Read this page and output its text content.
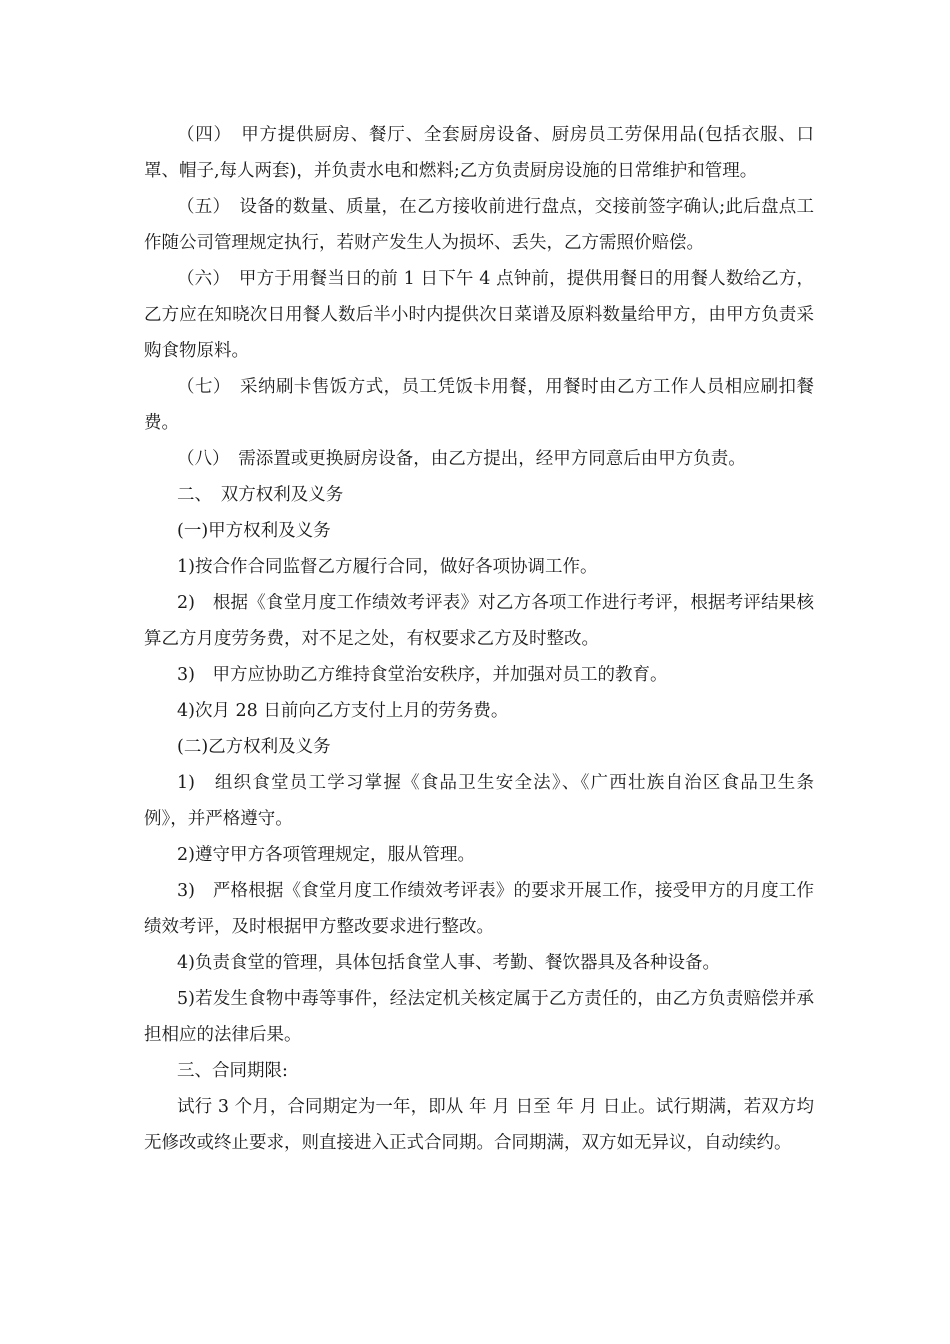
（四）　甲方提供厨房、餐厅、全套厨房设备、厨房员工劳保用品(包括衣服、口罩、帽子,每人两套)，并负责水电和燃料;乙方负责厨房设施的日常维护和管理。

（五）　设备的数量、质量，在乙方接收前进行盘点，交接前签字确认;此后盘点工作随公司管理规定执行，若财产发生人为损坏、丢失，乙方需照价赔偿。

（六）　甲方于用餐当日的前 1 日下午 4 点钟前，提供用餐日的用餐人数给乙方，乙方应在知晓次日用餐人数后半小时内提供次日菜谱及原料数量给甲方，由甲方负责采购食物原料。

（七）　采纳刷卡售饭方式，员工凭饭卡用餐，用餐时由乙方工作人员相应刷扣餐费。

（八）　需添置或更换厨房设备，由乙方提出，经甲方同意后由甲方负责。

二、　双方权利及义务

(一)甲方权利及义务

1)按合作合同监督乙方履行合同，做好各项协调工作。

2)　根据《食堂月度工作绩效考评表》对乙方各项工作进行考评，根据考评结果核算乙方月度劳务费，对不足之处，有权要求乙方及时整改。

3)　甲方应协助乙方维持食堂治安秩序，并加强对员工的教育。

4)次月 28 日前向乙方支付上月的劳务费。

(二)乙方权利及义务

1)　组织食堂员工学习掌握《食品卫生安全法》、《广西壮族自治区食品卫生条例》，并严格遵守。

2)遵守甲方各项管理规定，服从管理。

3)　严格根据《食堂月度工作绩效考评表》的要求开展工作，接受甲方的月度工作绩效考评，及时根据甲方整改要求进行整改。

4)负责食堂的管理，具体包括食堂人事、考勤、餐饮器具及各种设备。

5)若发生食物中毒等事件，经法定机关核定属于乙方责任的，由乙方负责赔偿并承担相应的法律后果。

三、合同期限:

试行 3 个月，合同期定为一年，即从 年 月 日至 年 月 日止。试行期满，若双方均无修改或终止要求，则直接进入正式合同期。合同期满，双方如无异议，自动续约。
